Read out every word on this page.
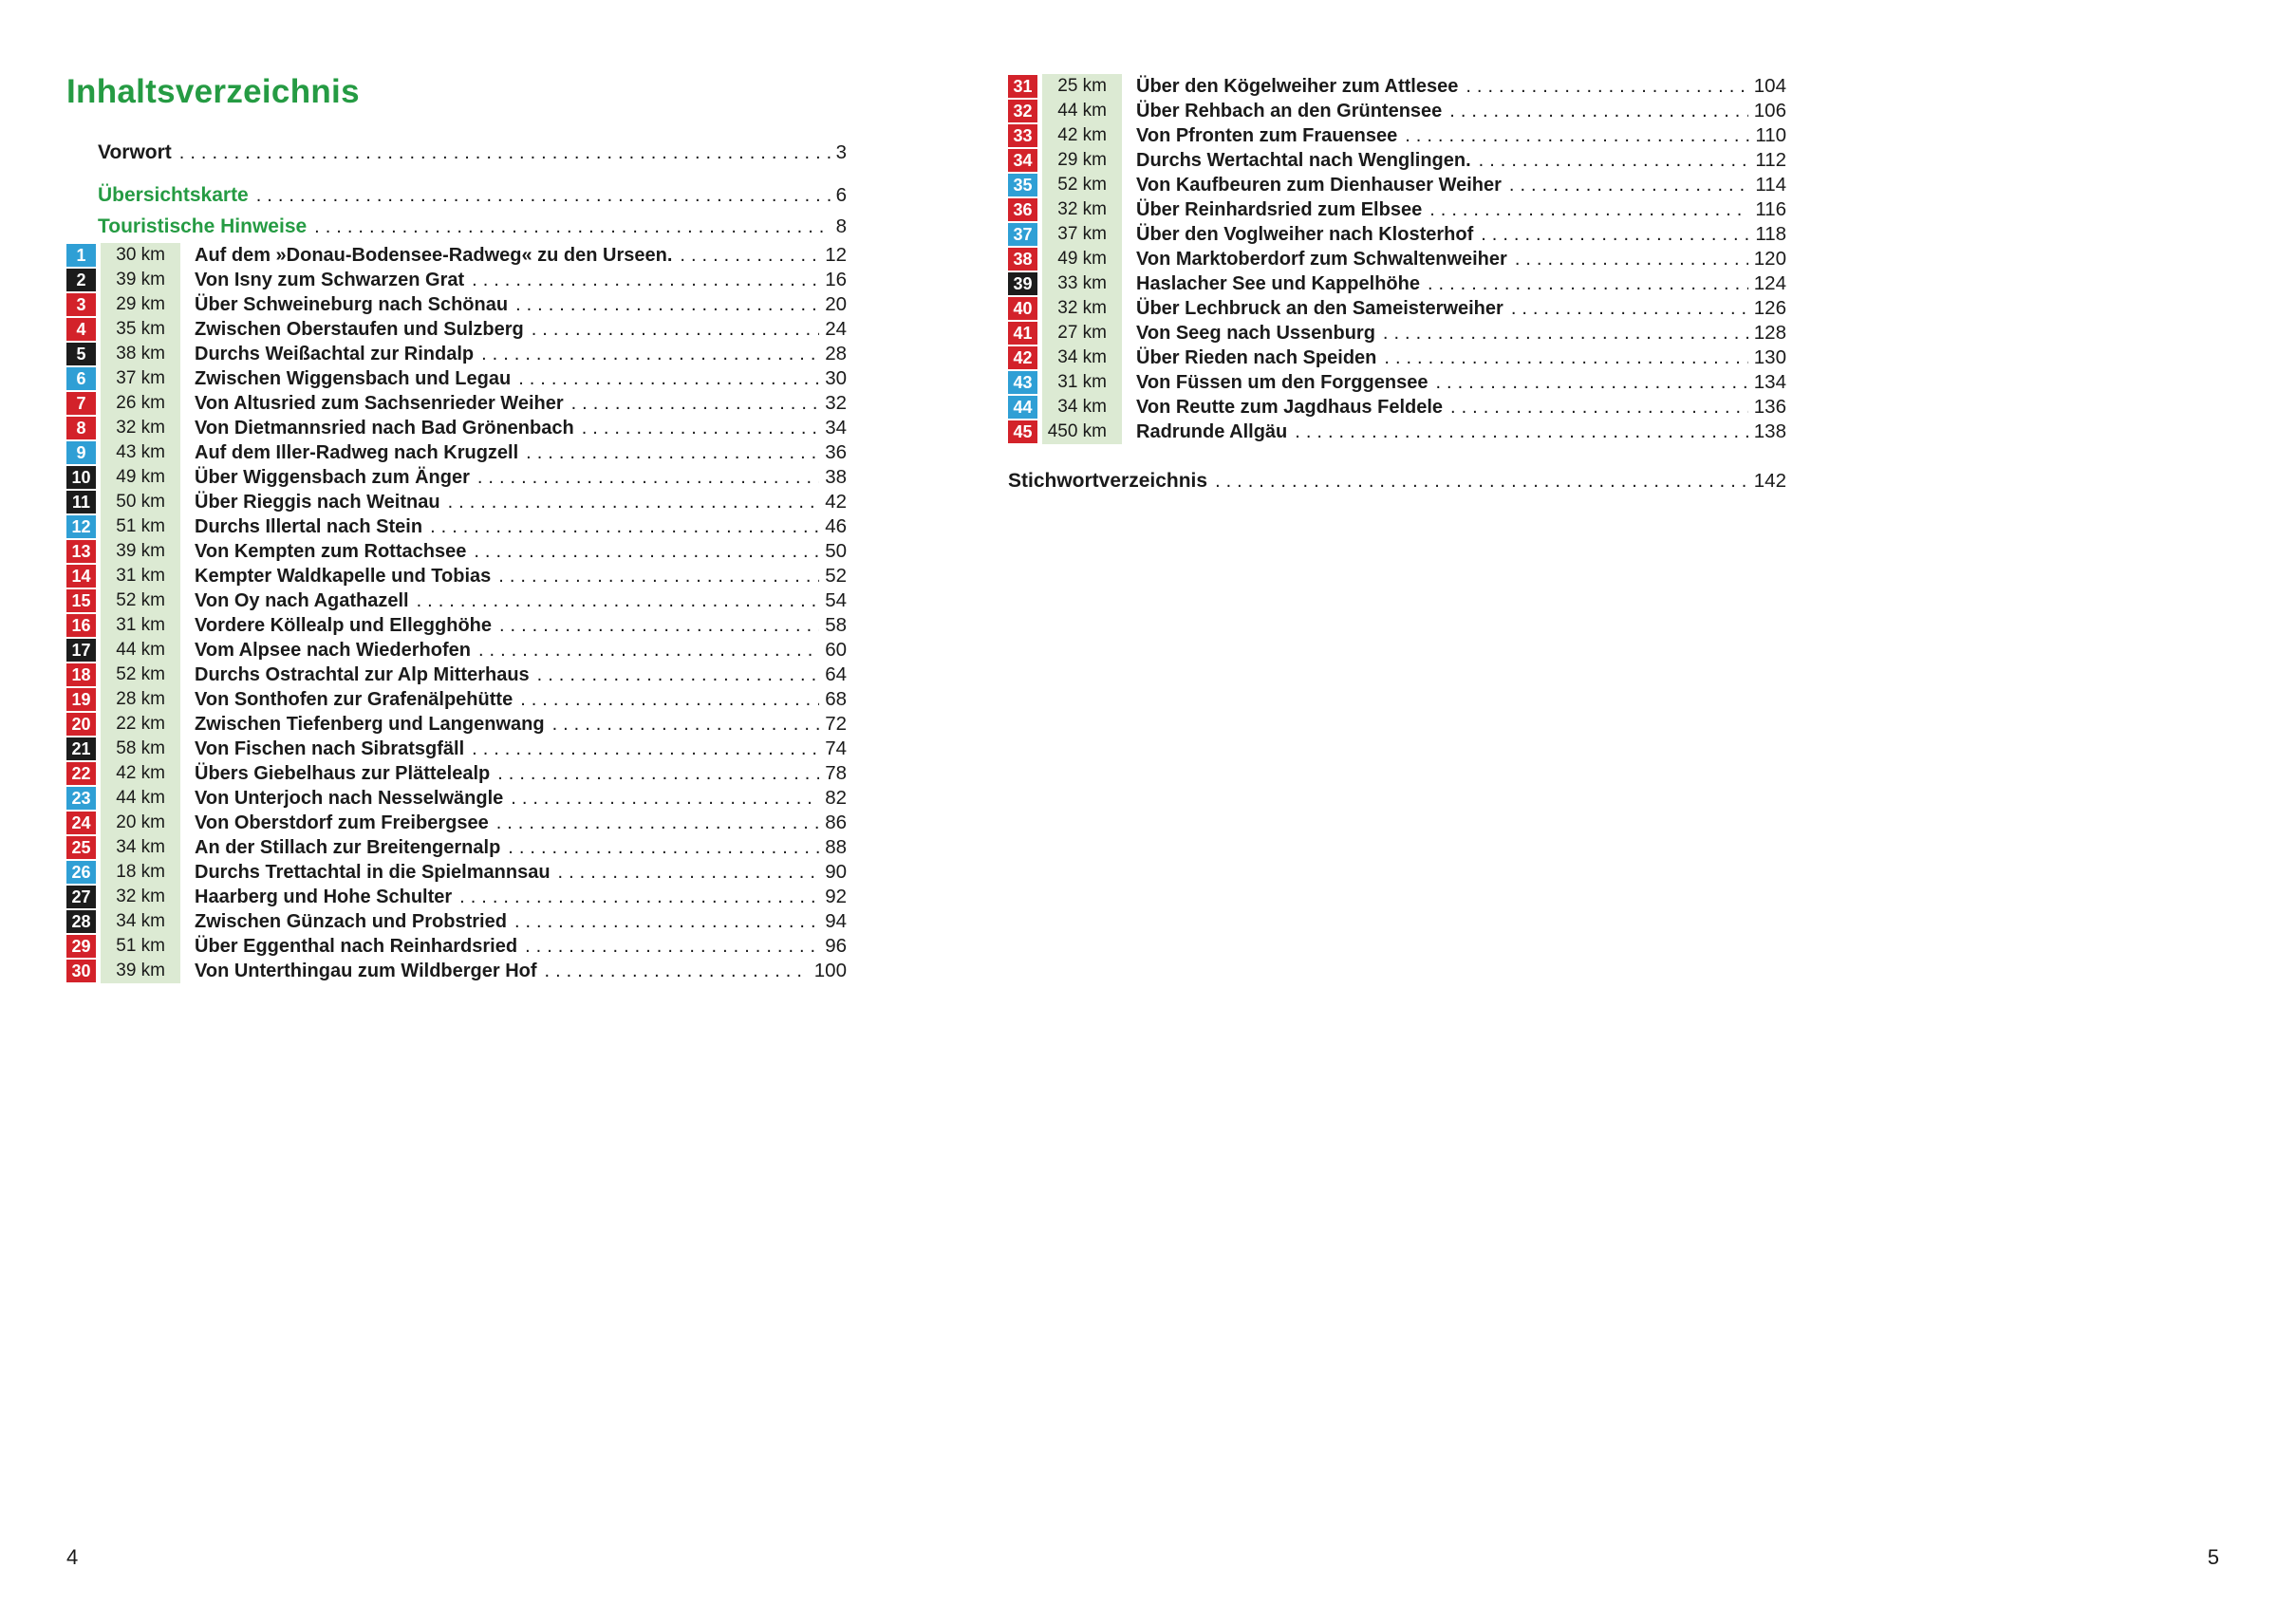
Inhaltsverzeichnis
Vorwort .....	3
Übersichtskarte .....	6
Touristische Hinweise .....	8
1	30 km	Auf dem »Donau-Bodensee-Radweg« zu den Urseen. .....	12
2	39 km	Von Isny zum Schwarzen Grat .....	16
3	29 km	Über Schweineburg nach Schönau .....	20
4	35 km	Zwischen Oberstaufen und Sulzberg .....	24
5	38 km	Durchs Weißachtal zur Rindalp .....	28
6	37 km	Zwischen Wiggensbach und Legau .....	30
7	26 km	Von Altusried zum Sachsenrieder Weiher .....	32
8	32 km	Von Dietmannsried nach Bad Grönenbach .....	34
9	43 km	Auf dem Iller-Radweg nach Krugzell .....	36
10	49 km	Über Wiggensbach zum Änger .....	38
11	50 km	Über Rieggis nach Weitnau .....	42
12	51 km	Durchs Illertal nach Stein .....	46
13	39 km	Von Kempten zum Rottachsee .....	50
14	31 km	Kempter Waldkapelle und Tobias .....	52
15	52 km	Von Oy nach Agathazell .....	54
16	31 km	Vordere Köllealp und Ellegghöhe .....	58
17	44 km	Vom Alpsee nach Wiederhofen .....	60
18	52 km	Durchs Ostrachtal zur Alp Mitterhaus .....	64
19	28 km	Von Sonthofen zur Grafenälpehütte .....	68
20	22 km	Zwischen Tiefenberg und Langenwang .....	72
21	58 km	Von Fischen nach Sibratsgfäll .....	74
22	42 km	Übers Giebelhaus zur Plättelealp .....	78
23	44 km	Von Unterjoch nach Nesselwängle .....	82
24	20 km	Von Oberstdorf zum Freibergsee .....	86
25	34 km	An der Stillach zur Breitengernalp .....	88
26	18 km	Durchs Trettachtal in die Spielmannsau .....	90
27	32 km	Haarberg und Hohe Schulter .....	92
28	34 km	Zwischen Günzach und Probstried .....	94
29	51 km	Über Eggenthal nach Reinhardsried .....	96
30	39 km	Von Unterthingau zum Wildberger Hof .....	100
31	25 km	Über den Kögelweiher zum Attlesee .....	104
32	44 km	Über Rehbach an den Grüntensee .....	106
33	42 km	Von Pfronten zum Frauensee .....	110
34	29 km	Durchs Wertachtal nach Wenglingen. .....	112
35	52 km	Von Kaufbeuren zum Dienhauser Weiher .....	114
36	32 km	Über Reinhardsried zum Elbsee .....	116
37	37 km	Über den Voglweiher nach Klosterhof .....	118
38	49 km	Von Marktoberdorf zum Schwaltenweiher .....	120
39	33 km	Haslacher See und Kappelhöhe .....	124
40	32 km	Über Lechbruck an den Sameisterweiher .....	126
41	27 km	Von Seeg nach Ussenburg .....	128
42	34 km	Über Rieden nach Speiden .....	130
43	31 km	Von Füssen um den Forggensee .....	134
44	34 km	Von Reutte zum Jagdhaus Feldele .....	136
45 450 km	Radrunde Allgäu .....	138
Stichwortverzeichnis .....	142
4	5
